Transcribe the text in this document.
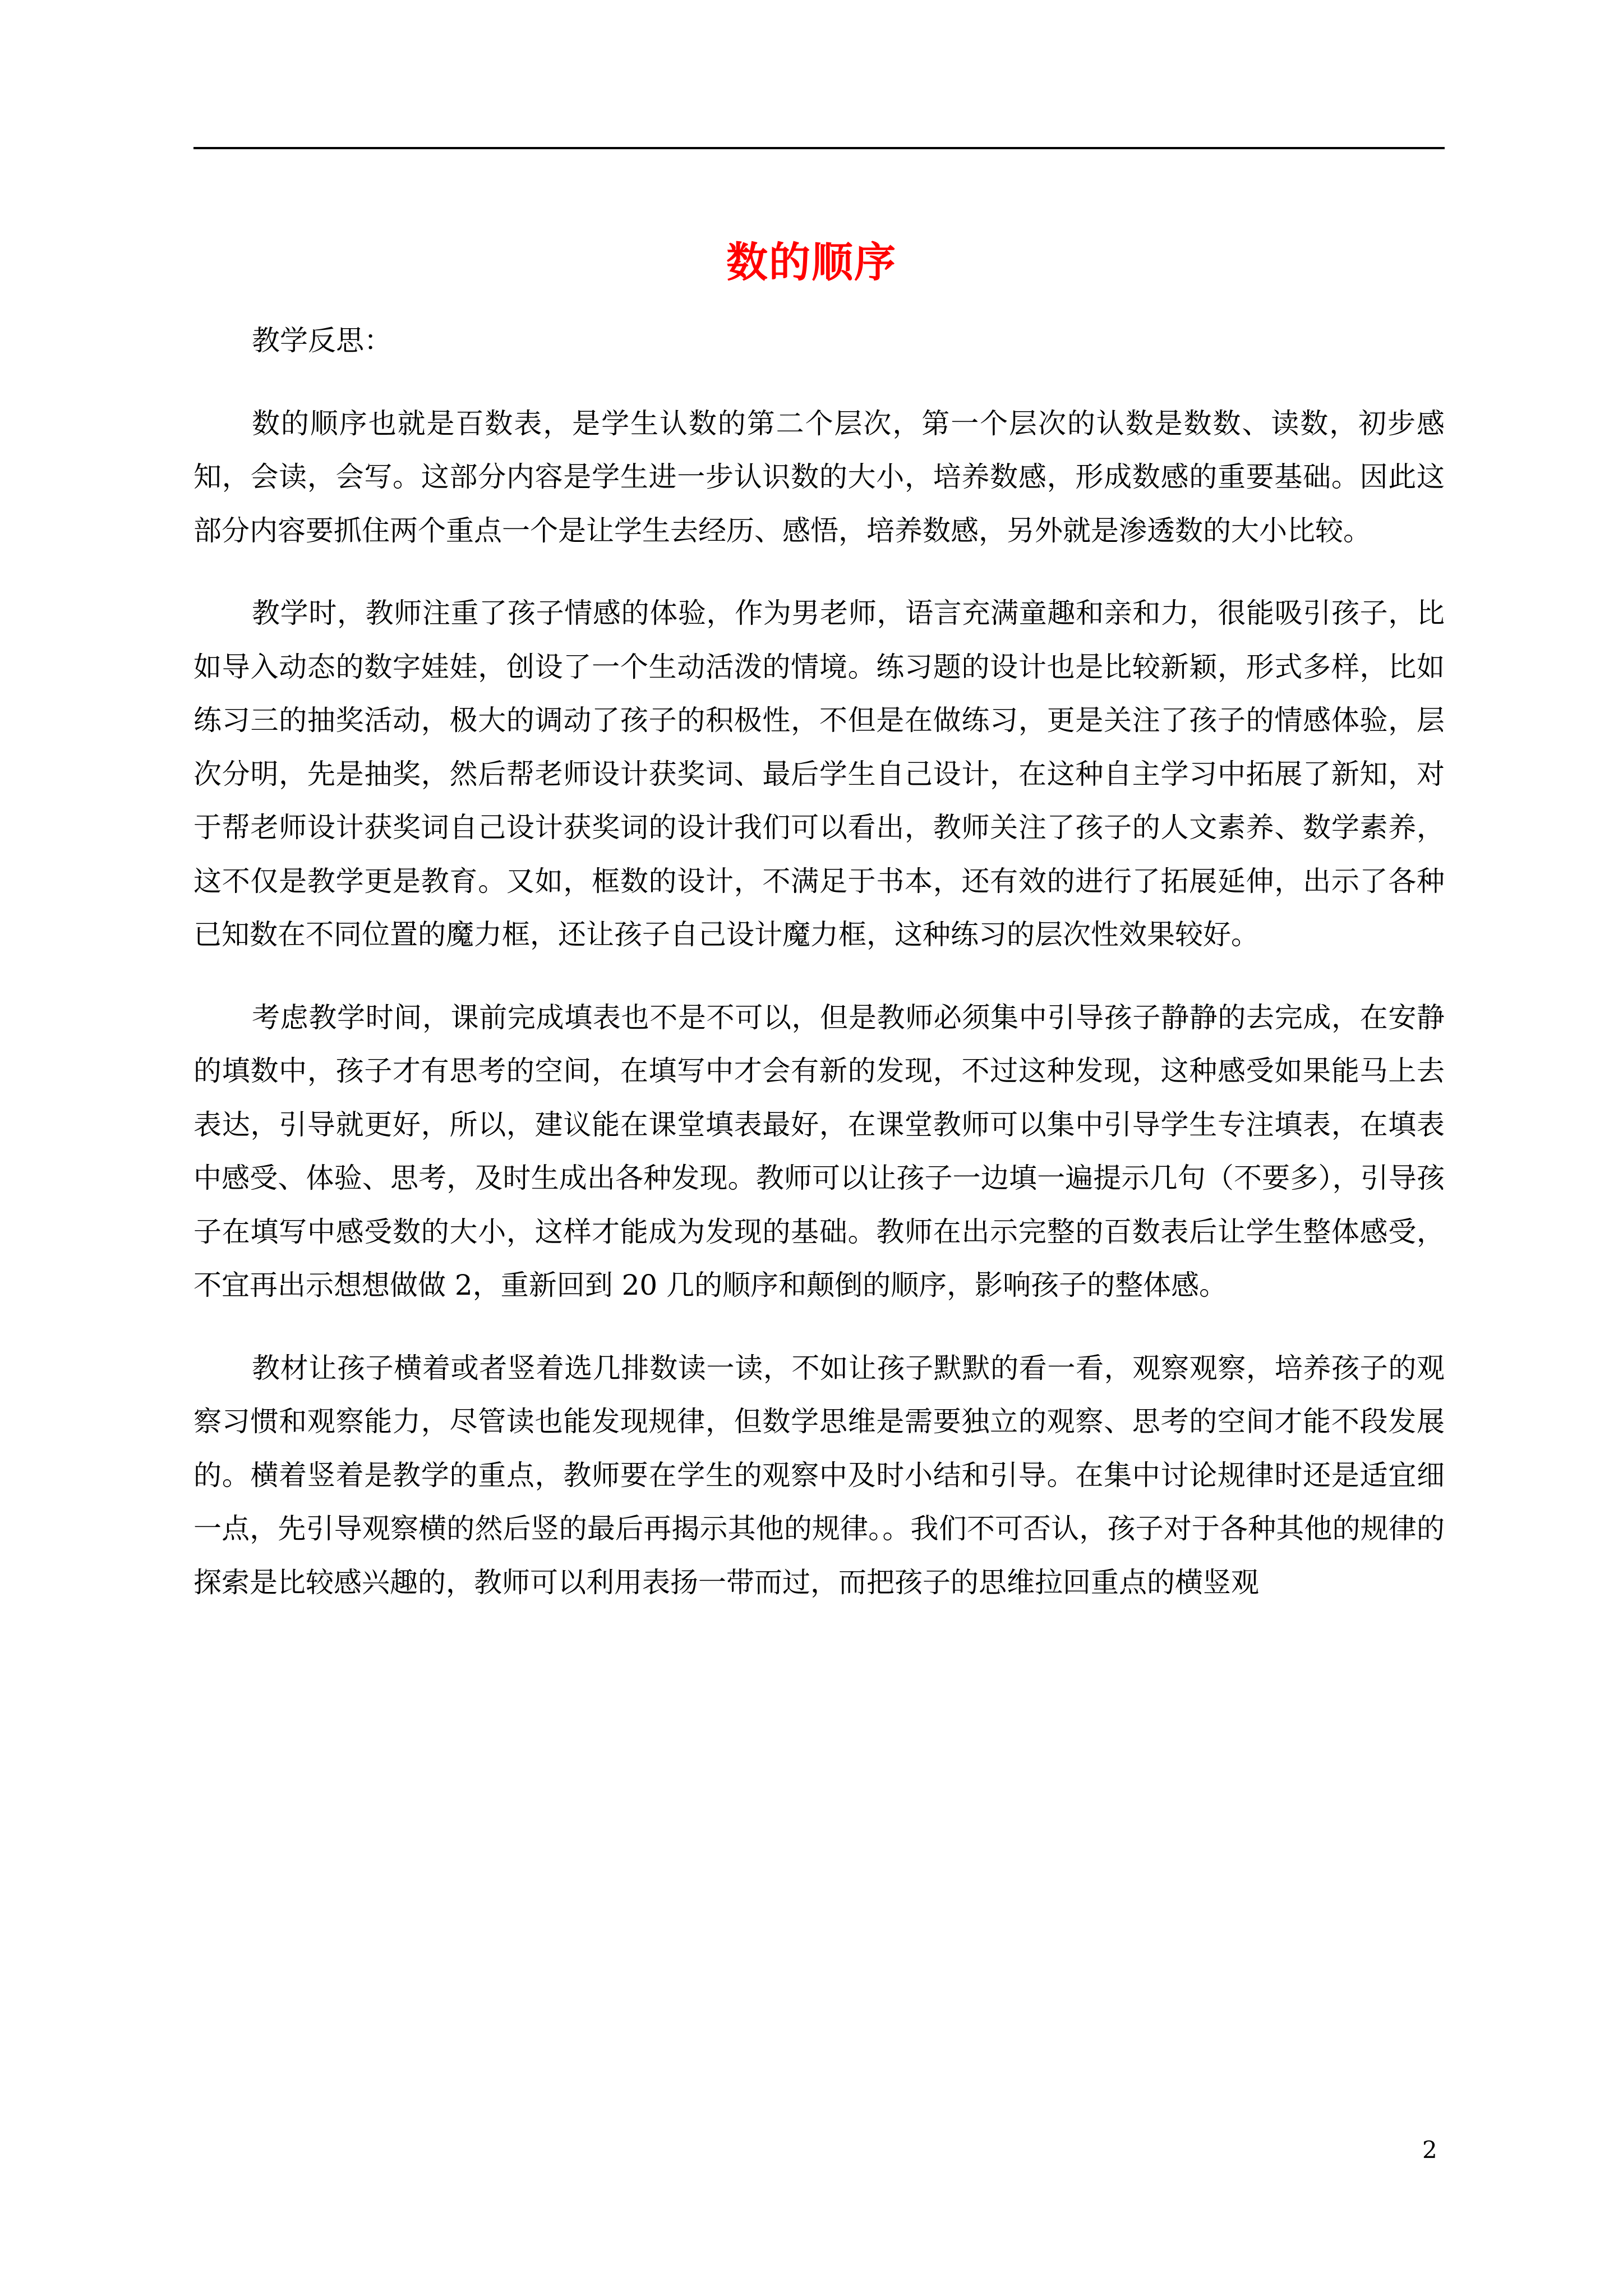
数的顺序

教学反思：

数的顺序也就是百数表，是学生认数的第二个层次，第一个层次的认数是数数、读数，初步感知，会读，会写。这部分内容是学生进一步认识数的大小，培养数感，形成数感的重要基础。因此这部分内容要抓住两个重点一个是让学生去经历、感悟，培养数感，另外就是渗透数的大小比较。

教学时，教师注重了孩子情感的体验，作为男老师，语言充满童趣和亲和力，很能吸引孩子，比如导入动态的数字娃娃，创设了一个生动活泼的情境。练习题的设计也是比较新颖，形式多样，比如练习三的抽奖活动，极大的调动了孩子的积极性，不但是在做练习，更是关注了孩子的情感体验，层次分明，先是抽奖，然后帮老师设计获奖词、最后学生自己设计，在这种自主学习中拓展了新知，对于帮老师设计获奖词自己设计获奖词的设计我们可以看出，教师关注了孩子的人文素养、数学素养，这不仅是教学更是教育。又如，框数的设计，不满足于书本，还有效的进行了拓展延伸，出示了各种已知数在不同位置的魔力框，还让孩子自己设计魔力框，这种练习的层次性效果较好。

考虑教学时间，课前完成填表也不是不可以，但是教师必须集中引导孩子静静的去完成，在安静的填数中，孩子才有思考的空间，在填写中才会有新的发现，不过这种发现，这种感受如果能马上去表达，引导就更好，所以，建议能在课堂填表最好，在课堂教师可以集中引导学生专注填表，在填表中感受、体验、思考，及时生成出各种发现。教师可以让孩子一边填一遍提示几句（不要多），引导孩子在填写中感受数的大小，这样才能成为发现的基础。教师在出示完整的百数表后让学生整体感受，不宜再出示想想做做 2，重新回到 20 几的顺序和颠倒的顺序，影响孩子的整体感。

教材让孩子横着或者竖着选几排数读一读，不如让孩子默默的看一看，观察观察，培养孩子的观察习惯和观察能力，尽管读也能发现规律，但数学思维是需要独立的观察、思考的空间才能不段发展的。横着竖着是教学的重点，教师要在学生的观察中及时小结和引导。在集中讨论规律时还是适宜细一点，先引导观察横的然后竖的最后再揭示其他的规律。。我们不可否认，孩子对于各种其他的规律的探索是比较感兴趣的，教师可以利用表扬一带而过，而把孩子的思维拉回重点的横竖观

2
